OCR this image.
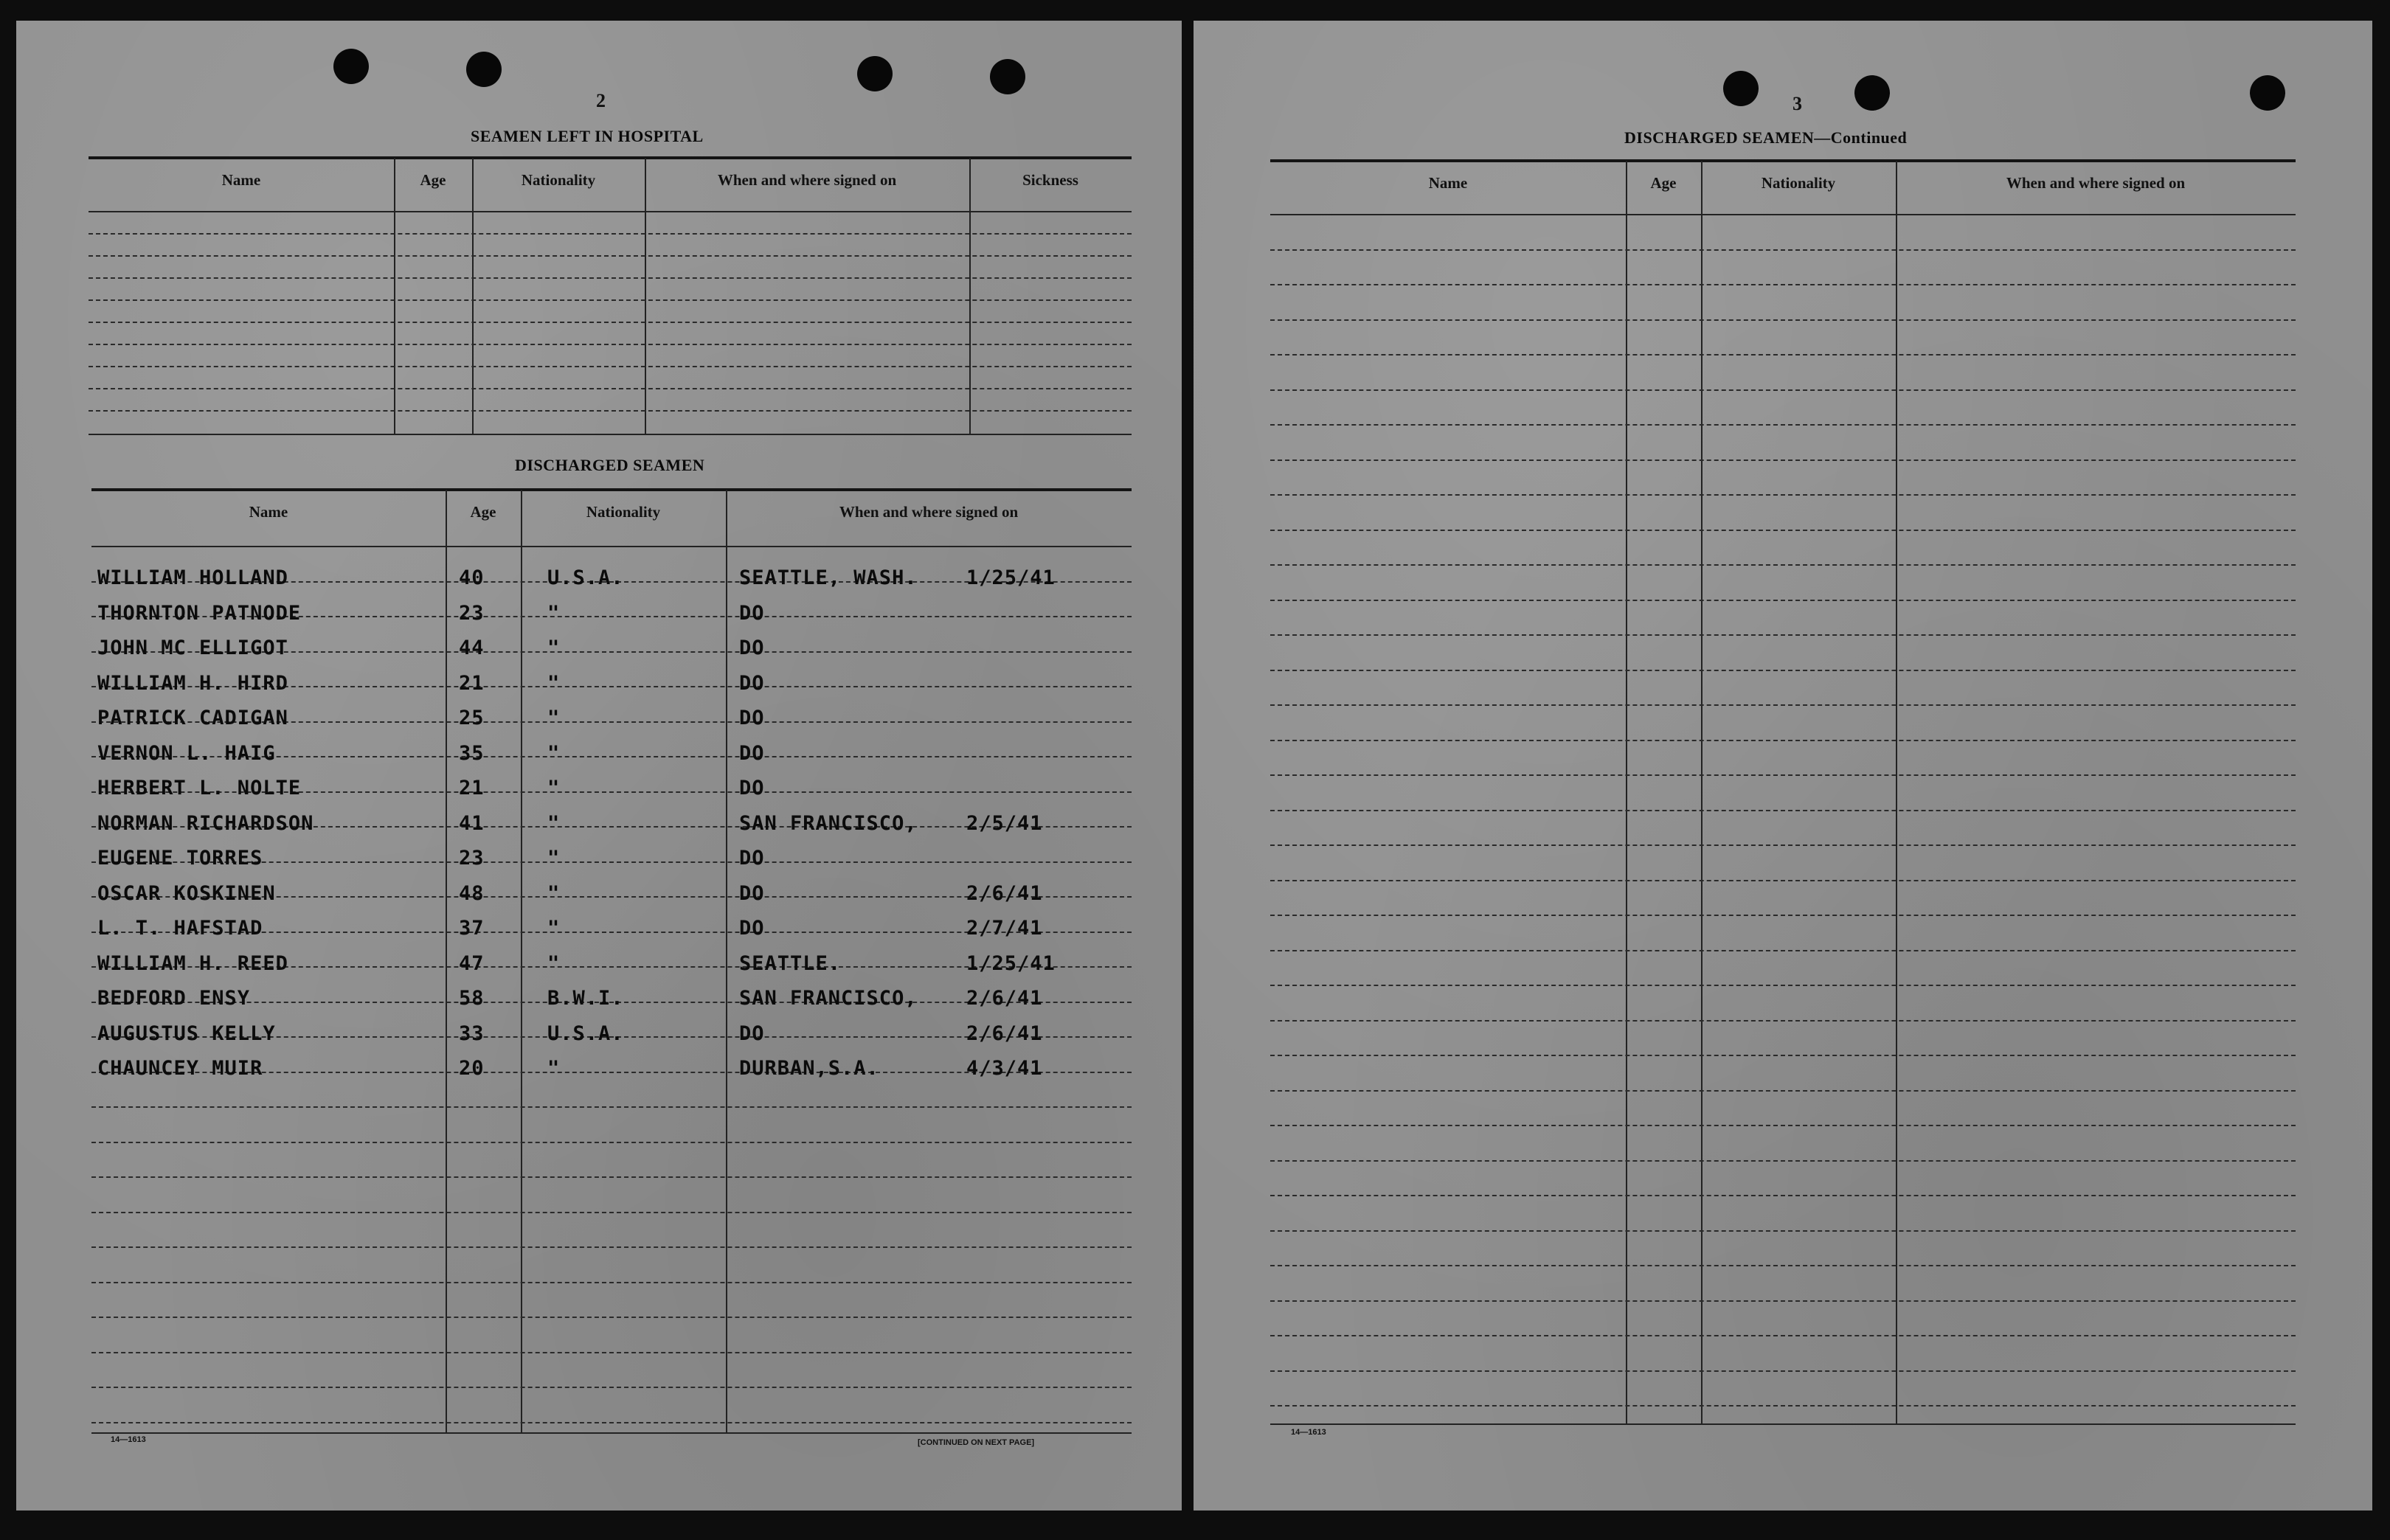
2
SEAMEN LEFT IN HOSPITAL
DISCHARGED SEAMEN
14—1613	[CONTINUED ON NEXT PAGE]
Name	Age	Nationality	When and where signed on	Sickness
Name	Age	Nationality	When and where signed on
WILLIAM HOLLAND	40	U.S.A.	SEATTLE, WASH. 1/25/41
THORNTON PATNODE	23	"	DO
JOHN MC ELLIGOT	44	"	DO
WILLIAM H. HIRD	21	"	DO
PATRICK CADIGAN	25	"	DO
VERNON L. HAIG	35	"	DO
HERBERT L. NOLTE	21	"	DO
NORMAN RICHARDSON	41	"	SAN FRANCISCO, 2/5/41
EUGENE TORRES	23	"	DO
OSCAR KOSKINEN	48	"	DO	2/6/41
L. T. HAFSTAD	37	"	DO	2/7/41
WILLIAM H. REED	47	"	SEATTLE.	1/25/41
BEDFORD ENSY	58	B.W.I.	SAN FRANCISCO, 2/6/41
AUGUSTUS KELLY	33	U.S.A.	DO	2/6/41
CHAUNCEY MUIR	20	"	DURBAN,S.A.	4/3/41
3
DISCHARGED SEAMEN—Continued
14—1613
Name	Age	Nationality	When and where signed on
